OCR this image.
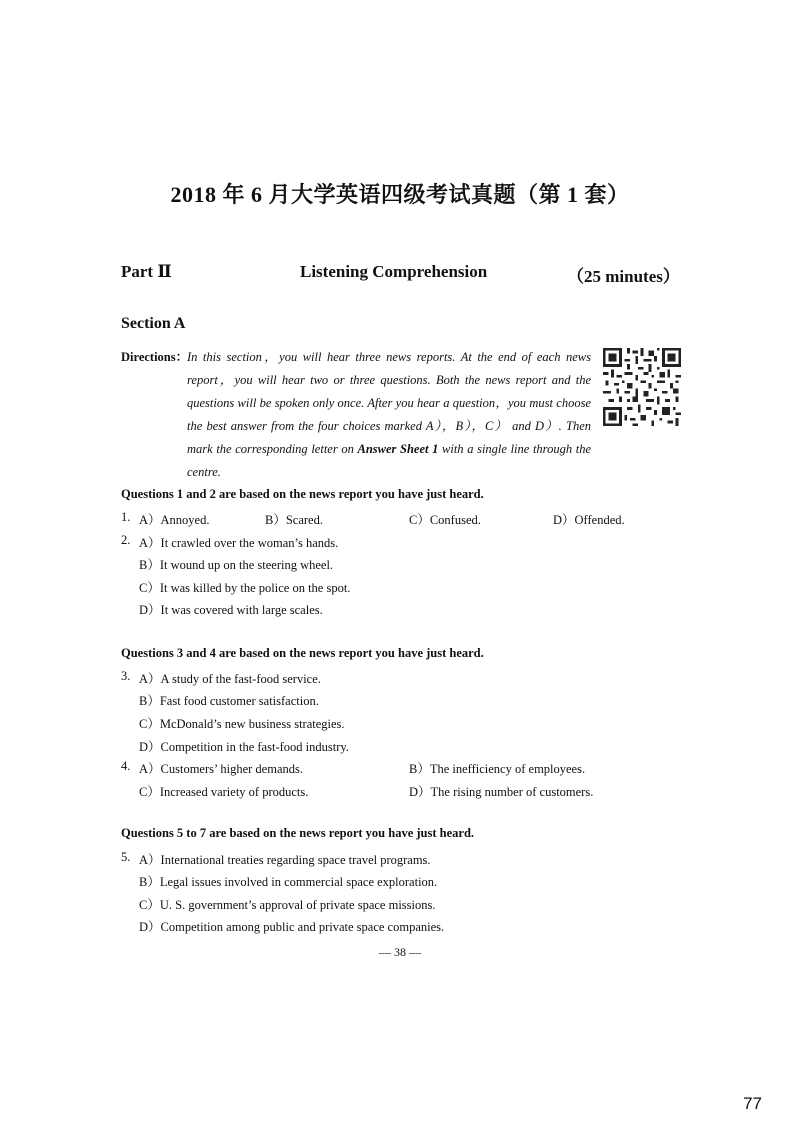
2018 年 6 月大学英语四级考试真题（第 1 套）
Part Ⅱ	Listening Comprehension	（25 minutes）
Section A
Directions：
In this section，you will hear three news reports. At the end of each news report，you will hear two or three questions. Both the news report and the questions will be spoken only once. After you hear a question，you must choose the best answer from the four choices marked A），B），C） and D）. Then mark the corresponding letter on Answer Sheet 1 with a single line through the centre.
Questions 1 and 2 are based on the news report you have just heard.
1. A）Annoyed.	B）Scared.	C）Confused.	D）Offended.
2. A）It crawled over the woman’s hands.
B）It wound up on the steering wheel.
C）It was killed by the police on the spot.
D）It was covered with large scales.
Questions 3 and 4 are based on the news report you have just heard.
3. A）A study of the fast-food service.
B）Fast food customer satisfaction.
C）McDonald’s new business strategies.
D）Competition in the fast-food industry.
4. A）Customers’ higher demands.	B）The inefficiency of employees.
C）Increased variety of products.	D）The rising number of customers.
Questions 5 to 7 are based on the news report you have just heard.
5. A）International treaties regarding space travel programs.
B）Legal issues involved in commercial space exploration.
C）U. S. government’s approval of private space missions.
D）Competition among public and private space companies.
— 38 —
77
